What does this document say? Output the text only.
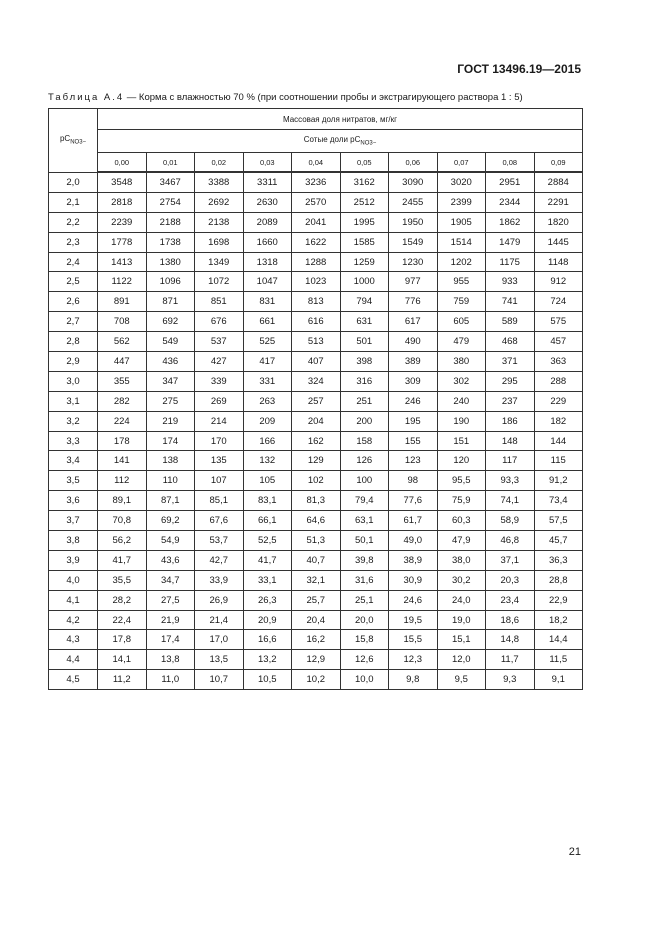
ГОСТ 13496.19—2015
Таблица А.4 — Корма с влажностью 70 % (при соотношении пробы и экстрагирующего раствора 1 : 5)
$pC_{NO3-}$	Массовая доля нитратов, мг/кг									
	Сотые доли $pC_{NO3-}$
	0,00	0,01	0,02	0,03	0,04	0,05	0,06	0,07	0,08	0,09
2,0	3548	3467	3388	3311	3236	3162	3090	3020	2951	2884
2,1	2818	2754	2692	2630	2570	2512	2455	2399	2344	2291
2,2	2239	2188	2138	2089	2041	1995	1950	1905	1862	1820
2,3	1778	1738	1698	1660	1622	1585	1549	1514	1479	1445
2,4	1413	1380	1349	1318	1288	1259	1230	1202	1175	1148
2,5	1122	1096	1072	1047	1023	1000	977	955	933	912
2,6	891	871	851	831	813	794	776	759	741	724
2,7	708	692	676	661	616	631	617	605	589	575
2,8	562	549	537	525	513	501	490	479	468	457
2,9	447	436	427	417	407	398	389	380	371	363
3,0	355	347	339	331	324	316	309	302	295	288
3,1	282	275	269	263	257	251	246	240	237	229
3,2	224	219	214	209	204	200	195	190	186	182
3,3	178	174	170	166	162	158	155	151	148	144
3,4	141	138	135	132	129	126	123	120	117	115
3,5	112	110	107	105	102	100	98	95,5	93,3	91,2
3,6	89,1	87,1	85,1	83,1	81,3	79,4	77,6	75,9	74,1	73,4
3,7	70,8	69,2	67,6	66,1	64,6	63,1	61,7	60,3	58,9	57,5
3,8	56,2	54,9	53,7	52,5	51,3	50,1	49,0	47,9	46,8	45,7
3,9	41,7	43,6	42,7	41,7	40,7	39,8	38,9	38,0	37,1	36,3
4,0	35,5	34,7	33,9	33,1	32,1	31,6	30,9	30,2	20,3	28,8
4,1	28,2	27,5	26,9	26,3	25,7	25,1	24,6	24,0	23,4	22,9
4,2	22,4	21,9	21,4	20,9	20,4	20,0	19,5	19,0	18,6	18,2
4,3	17,8	17,4	17,0	16,6	16,2	15,8	15,5	15,1	14,8	14,4
4,4	14,1	13,8	13,5	13,2	12,9	12,6	12,3	12,0	11,7	11,5
4,5	11,2	11,0	10,7	10,5	10,2	10,0	9,8	9,5	9,3	9,1
21
